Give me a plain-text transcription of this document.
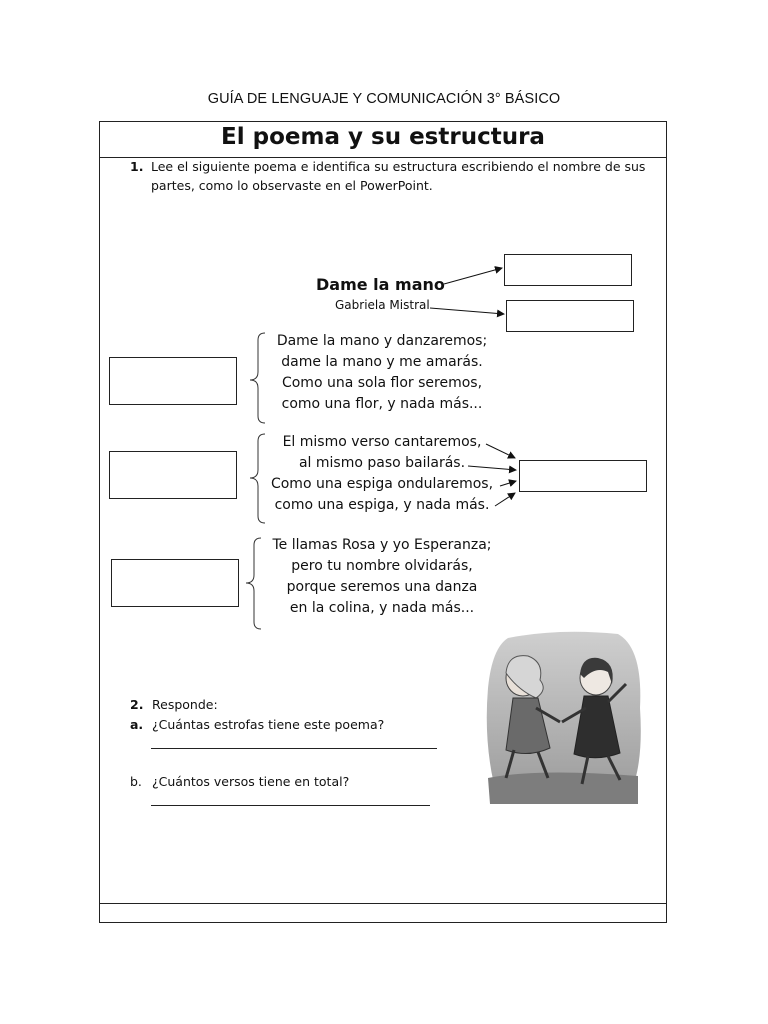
GUÍA DE LENGUAJE Y COMUNICACIÓN 3° BÁSICO
El poema y su estructura
1. Lee el siguiente poema e identifica su estructura escribiendo el nombre de sus
partes, como lo observaste en el PowerPoint.
Dame la mano
Gabriela Mistral
Dame la mano y danzaremos;
dame la mano y me amarás.
Como una sola flor seremos,
como una flor, y nada más...
El mismo verso cantaremos,
al mismo paso bailarás.
Como una espiga ondularemos,
como una espiga, y nada más.
Te llamas Rosa y yo Esperanza;
pero tu nombre olvidarás,
porque seremos una danza
en la colina, y nada más...
2. Responde:
a. ¿Cuántas estrofas tiene este poema?
b. ¿Cuántos versos tiene en total?
